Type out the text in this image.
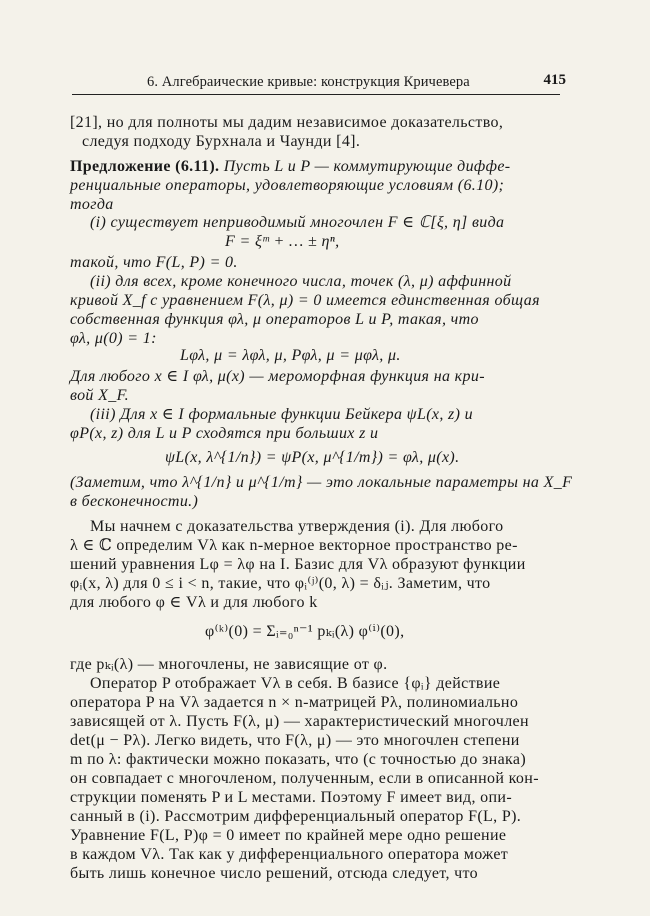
6. Алгебраические кривые: конструкция Кричевера	415
[21], но для полноты мы дадим независимое доказательство,
следуя подходу Бурхнала и Чаунди [4].
Предложение (6.11). Пусть L и P — коммутирующие диффе-
ренциальные операторы, удовлетворяющие условиям (6.10);
тогда
(i) существует неприводимый многочлен F ∈ ℂ[ξ, η] вида
F = ξᵐ + … ± ηⁿ,
такой, что F(L, P) = 0.
(ii) для всех, кроме конечного числа, точек (λ, μ) аффинной
кривой X_f с уравнением F(λ, μ) = 0 имеется единственная общая
собственная функция φλ, μ операторов L и P, такая, что
φλ, μ(0) = 1:
Lφλ, μ = λφλ, μ, Pφλ, μ = μφλ, μ.
Для любого x ∈ I φλ, μ(x) — мероморфная функция на кри-
вой X_F.
(iii) Для x ∈ I формальные функции Бейкера ψL(x, z) и
φP(x, z) для L и P сходятся при больших z и
ψL(x, λ^{1/n}) = ψP(x, μ^{1/m}) = φλ, μ(x).
(Заметим, что λ^{1/n} и μ^{1/m} — это локальные параметры на X_F
в бесконечности.)
Мы начнем с доказательства утверждения (i). Для любого
λ ∈ ℂ определим Vλ как n-мерное векторное пространство ре-
шений уравнения Lφ = λφ на I. Базис для Vλ образуют функции
φᵢ(x, λ) для 0 ≤ i < n, такие, что φᵢ⁽ʲ⁾(0, λ) = δᵢⱼ. Заметим, что
для любого φ ∈ Vλ и для любого k
φ⁽ᵏ⁾(0) = Σᵢ₌₀ⁿ⁻¹ pₖᵢ(λ) φ⁽ⁱ⁾(0),
где pₖᵢ(λ) — многочлены, не зависящие от φ.
Оператор P отображает Vλ в себя. В базисе {φᵢ} действие
оператора P на Vλ задается n × n-матрицей Pλ, полиномиально
зависящей от λ. Пусть F(λ, μ) — характеристический многочлен
det(μ − Pλ). Легко видеть, что F(λ, μ) — это многочлен степени
m по λ: фактически можно показать, что (с точностью до знака)
он совпадает с многочленом, полученным, если в описанной кон-
струкции поменять P и L местами. Поэтому F имеет вид, опи-
санный в (i). Рассмотрим дифференциальный оператор F(L, P).
Уравнение F(L, P)φ = 0 имеет по крайней мере одно решение
в каждом Vλ. Так как у дифференциального оператора может
быть лишь конечное число решений, отсюда следует, что
